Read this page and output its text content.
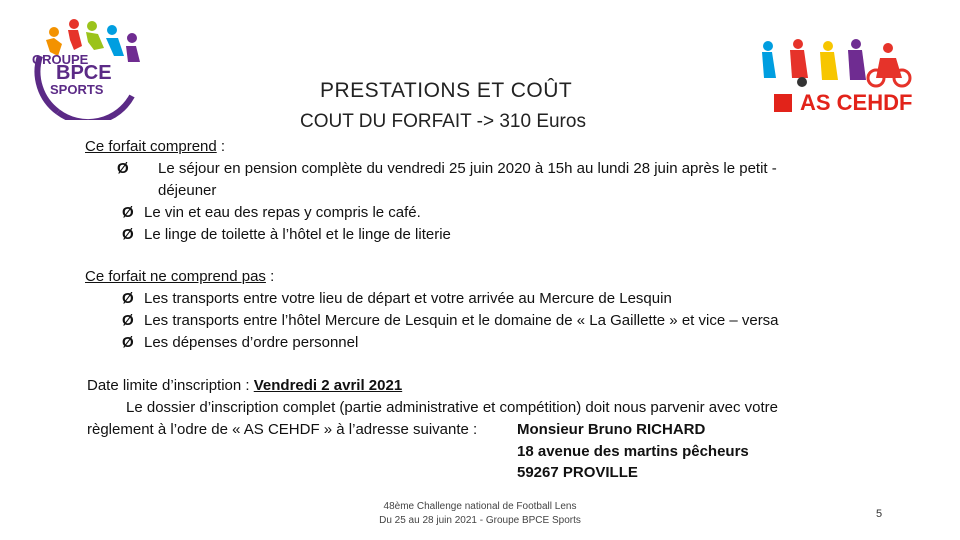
GROUPE
BPCE
SPORTS
AS CEHDF
PRESTATIONS ET COÛT
COUT DU FORFAIT -> 310 Euros
Ce forfait comprend :
Ø Le séjour en pension complète du vendredi 25 juin 2020 à 15h au lundi 28 juin après le petit -
déjeuner
Ø Le vin et eau des repas y compris le café.
Ø Le linge de toilette à l’hôtel et le linge de literie
Ce forfait ne comprend pas :
Ø Les transports entre votre lieu de départ et votre arrivée au Mercure de Lesquin
Ø Les transports entre l’hôtel Mercure de Lesquin et le domaine de « La Gaillette » et vice – versa
Ø Les dépenses d’ordre personnel
Date limite d’inscription : Vendredi 2 avril 2021
Le dossier d’inscription complet (partie administrative et compétition) doit nous parvenir avec votre
règlement à l’odre de « AS CEHDF » à l’adresse suivante :	Monsieur Bruno RICHARD
18 avenue des martins pêcheurs
59267 PROVILLE
48ème Challenge national de Football Lens
Du 25 au 28 juin 2021 - Groupe BPCE Sports
5
